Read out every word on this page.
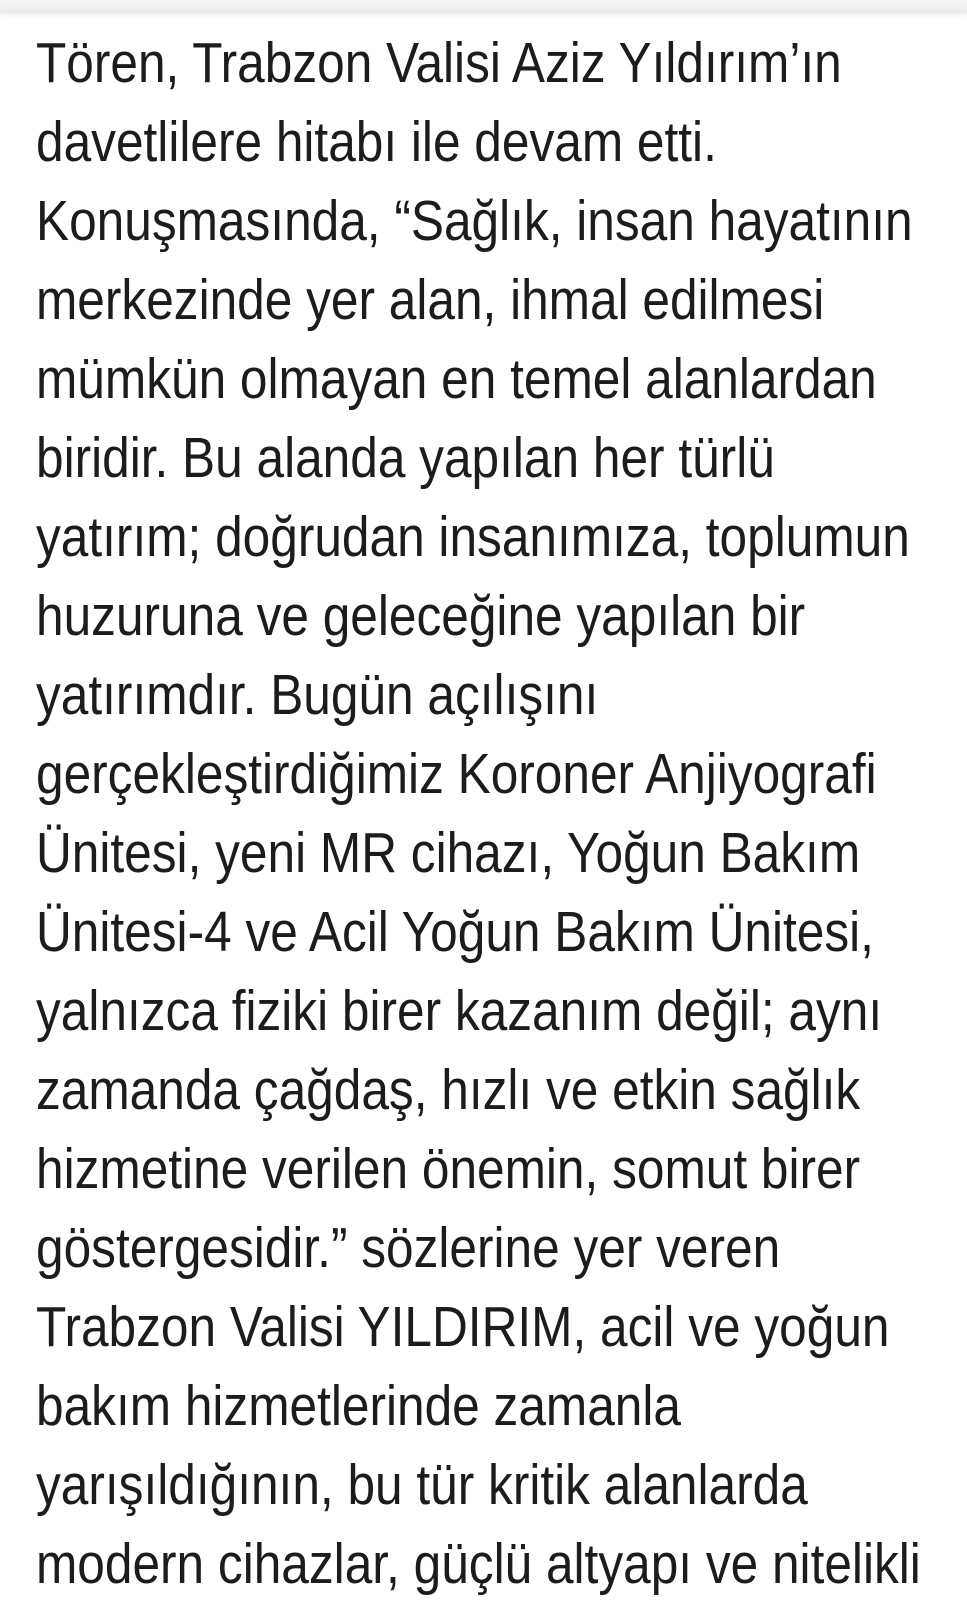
Tören, Trabzon Valisi Aziz Yıldırım’ın

davetlilere hitabı ile devam etti.

Konuşmasında, “Sağlık, insan hayatının

merkezinde yer alan, ihmal edilmesi

mümkün olmayan en temel alanlardan

biridir. Bu alanda yapılan her türlü

yatırım; doğrudan insanımıza, toplumun

huzuruna ve geleceğine yapılan bir

yatırımdır. Bugün açılışını

gerçekleştirdiğimiz Koroner Anjiyografi

Ünitesi, yeni MR cihazı, Yoğun Bakım

Ünitesi-4 ve Acil Yoğun Bakım Ünitesi,

yalnızca fiziki birer kazanım değil; aynı

zamanda çağdaş, hızlı ve etkin sağlık

hizmetine verilen önemin, somut birer

göstergesidir.” sözlerine yer veren

Trabzon Valisi YILDIRIM, acil ve yoğun

bakım hizmetlerinde zamanla

yarışıldığının, bu tür kritik alanlarda

modern cihazlar, güçlü altyapı ve nitelikli
